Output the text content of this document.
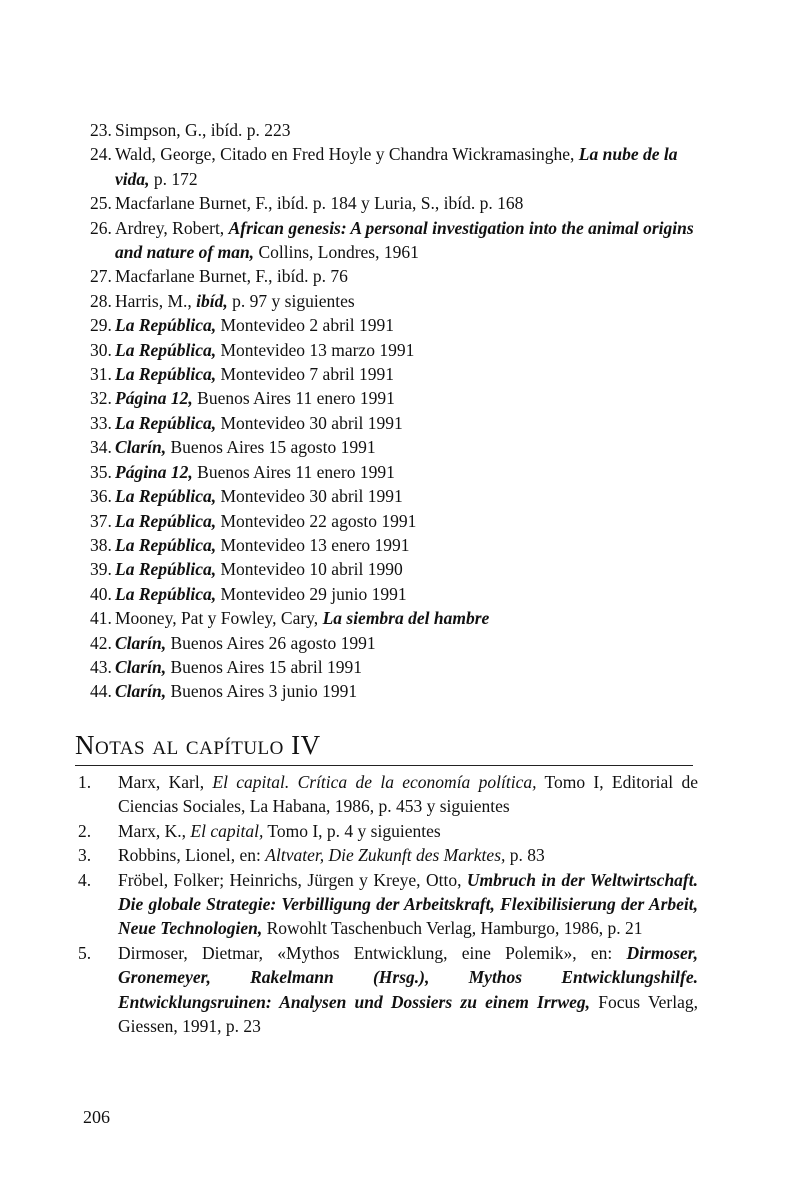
23. Simpson, G., ibíd. p. 223
24. Wald, George, Citado en Fred Hoyle y Chandra Wickramasinghe, La nube de la vida, p. 172
25. Macfarlane Burnet, F., ibíd. p. 184 y Luria, S., ibíd. p. 168
26. Ardrey, Robert, African genesis: A personal investigation into the animal origins and nature of man, Collins, Londres, 1961
27. Macfarlane Burnet, F., ibíd. p. 76
28. Harris, M., ibíd, p. 97 y siguientes
29. La República, Montevideo 2 abril 1991
30. La República, Montevideo 13 marzo 1991
31. La República, Montevideo 7 abril 1991
32. Página 12, Buenos Aires 11 enero 1991
33. La República, Montevideo 30 abril 1991
34. Clarín, Buenos Aires 15 agosto 1991
35. Página 12, Buenos Aires 11 enero 1991
36. La República, Montevideo 30 abril 1991
37. La República, Montevideo 22 agosto 1991
38. La República, Montevideo 13 enero 1991
39. La República, Montevideo 10 abril 1990
40. La República, Montevideo 29 junio 1991
41. Mooney, Pat y Fowley, Cary, La siembra del hambre
42. Clarín, Buenos Aires 26 agosto 1991
43. Clarín, Buenos Aires 15 abril 1991
44. Clarín, Buenos Aires 3 junio 1991
Notas al capítulo IV
1.	Marx, Karl, El capital. Crítica de la economía política, Tomo I, Editorial de Ciencias Sociales, La Habana, 1986, p. 453 y siguientes
2.	Marx, K., El capital, Tomo I, p. 4 y siguientes
3.	Robbins, Lionel, en: Altvater, Die Zukunft des Marktes, p. 83
4.	Fröbel, Folker; Heinrichs, Jürgen y Kreye, Otto, Umbruch in der Weltwirtschaft. Die globale Strategie: Verbilligung der Arbeitskraft, Flexibilisierung der Arbeit, Neue Technologien, Rowohlt Taschenbuch Verlag, Hamburgo, 1986, p. 21
5.	Dirmoser, Dietmar, «Mythos Entwicklung, eine Polemik», en: Dirmoser, Gronemeyer, Rakelmann (Hrsg.), Mythos Entwicklungshilfe. Entwicklungsruinen: Analysen und Dossiers zu einem Irrweg, Focus Verlag, Giessen, 1991, p. 23
206
